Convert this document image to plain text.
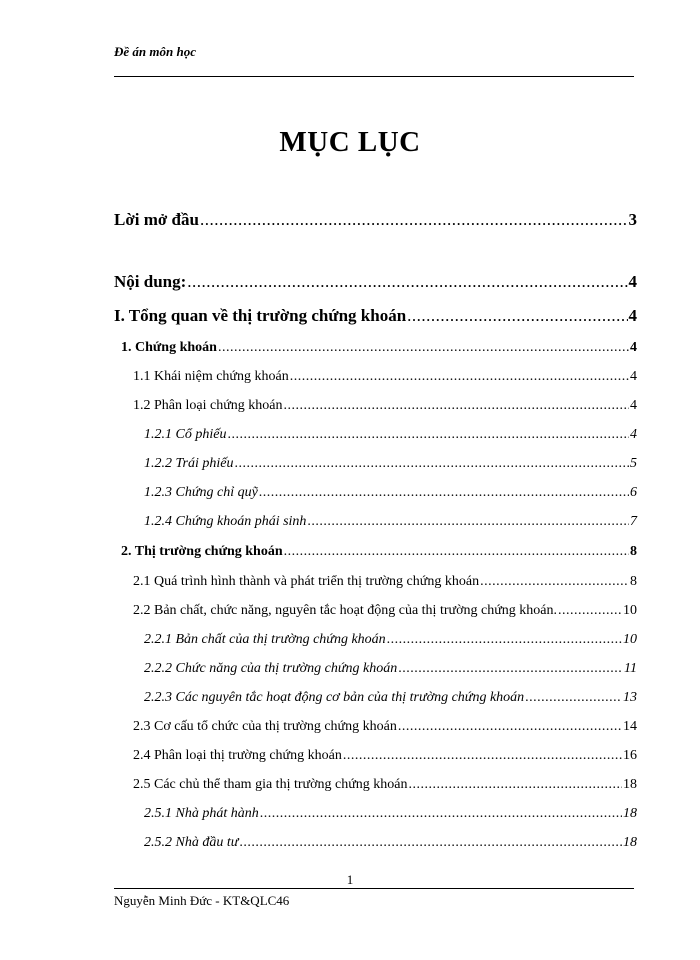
Đề án môn học
MỤC LỤC
Lời mở đầu .....	3
Nội dung: .....	4
I. Tổng quan về thị trường chứng khoán .....	4
1. Chứng khoán .....	4
1.1 Khái niệm chứng khoán .....	4
1.2 Phân loại chứng khoán .....	4
1.2.1 Cổ phiếu .....	4
1.2.2 Trái phiếu .....	5
1.2.3 Chứng chỉ quỹ .....	6
1.2.4 Chứng khoán phái sinh .....	7
2. Thị trường chứng khoán .....	8
2.1 Quá trình hình thành và phát triển thị trường chứng khoán .....	8
2.2 Bản chất, chức năng, nguyên tắc hoạt động của thị trường chứng khoán. .....	10
2.2.1 Bản chất của thị trường chứng khoán .....	10
2.2.2 Chức năng của thị trường chứng khoán .....	11
2.2.3 Các nguyên tắc hoạt động cơ bản của thị trường chứng khoán .....	13
2.3 Cơ cấu tổ chức của thị trường chứng khoán .....	14
2.4 Phân loại thị trường chứng khoán .....	16
2.5 Các chủ thể tham gia thị trường chứng khoán .....	18
2.5.1 Nhà phát hành .....	18
2.5.2 Nhà đầu tư .....	18
1
Nguyễn Minh Đức - KT&QLC46
